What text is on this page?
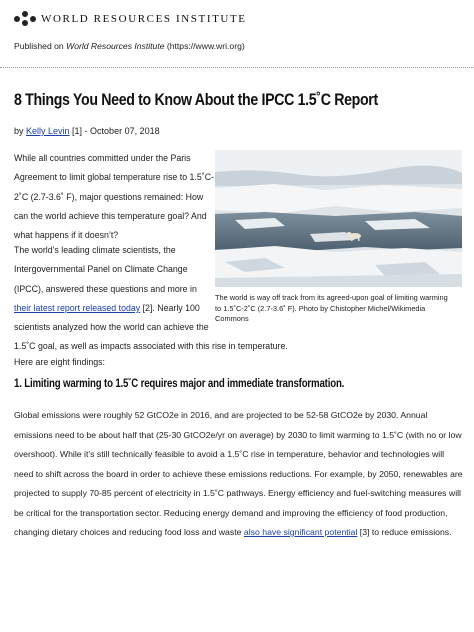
WORLD RESOURCES INSTITUTE
Published on World Resources Institute (https://www.wri.org)
8 Things You Need to Know About the IPCC 1.5˚C Report
by Kelly Levin [1] - October 07, 2018

While all countries committed under the Paris Agreement to limit global temperature rise to 1.5˚C-2˚C (2.7-3.6˚ F), major questions remained: How can the world achieve this temperature goal? And what happens if it doesn’t?

The world is way off track from its agreed-upon goal of limiting warming to 1.5˚C-2˚C (2.7-3.6˚ F). Photo by Chistopher Michel/Wikimedia Commons

The world’s leading climate scientists, the Intergovernmental Panel on Climate Change (IPCC), answered these questions and more in their latest report released today [2]. Nearly 100 scientists analyzed how the world can achieve the
1.5˚C goal, as well as impacts associated with this rise in temperature.

Here are eight findings:

1. Limiting warming to 1.5˚C requires major and immediate transformation.

Global emissions were roughly 52 GtCO2e in 2016, and are projected to be 52-58 GtCO2e by 2030. Annual emissions need to be about half that (25-30 GtCO2e/yr on average) by 2030 to limit warming to 1.5˚C (with no or low overshoot). While it’s still technically feasible to avoid a 1.5˚C rise in temperature, behavior and technologies will need to shift across the board in order to achieve these emissions reductions. For example, by 2050, renewables are projected to supply 70-85 percent of electricity in 1.5˚C pathways. Energy efficiency and fuel-switching measures will be critical for the transportation sector. Reducing energy demand and improving the efficiency of food production, changing dietary choices and reducing food loss and waste also have significant potential [3] to reduce emissions.
